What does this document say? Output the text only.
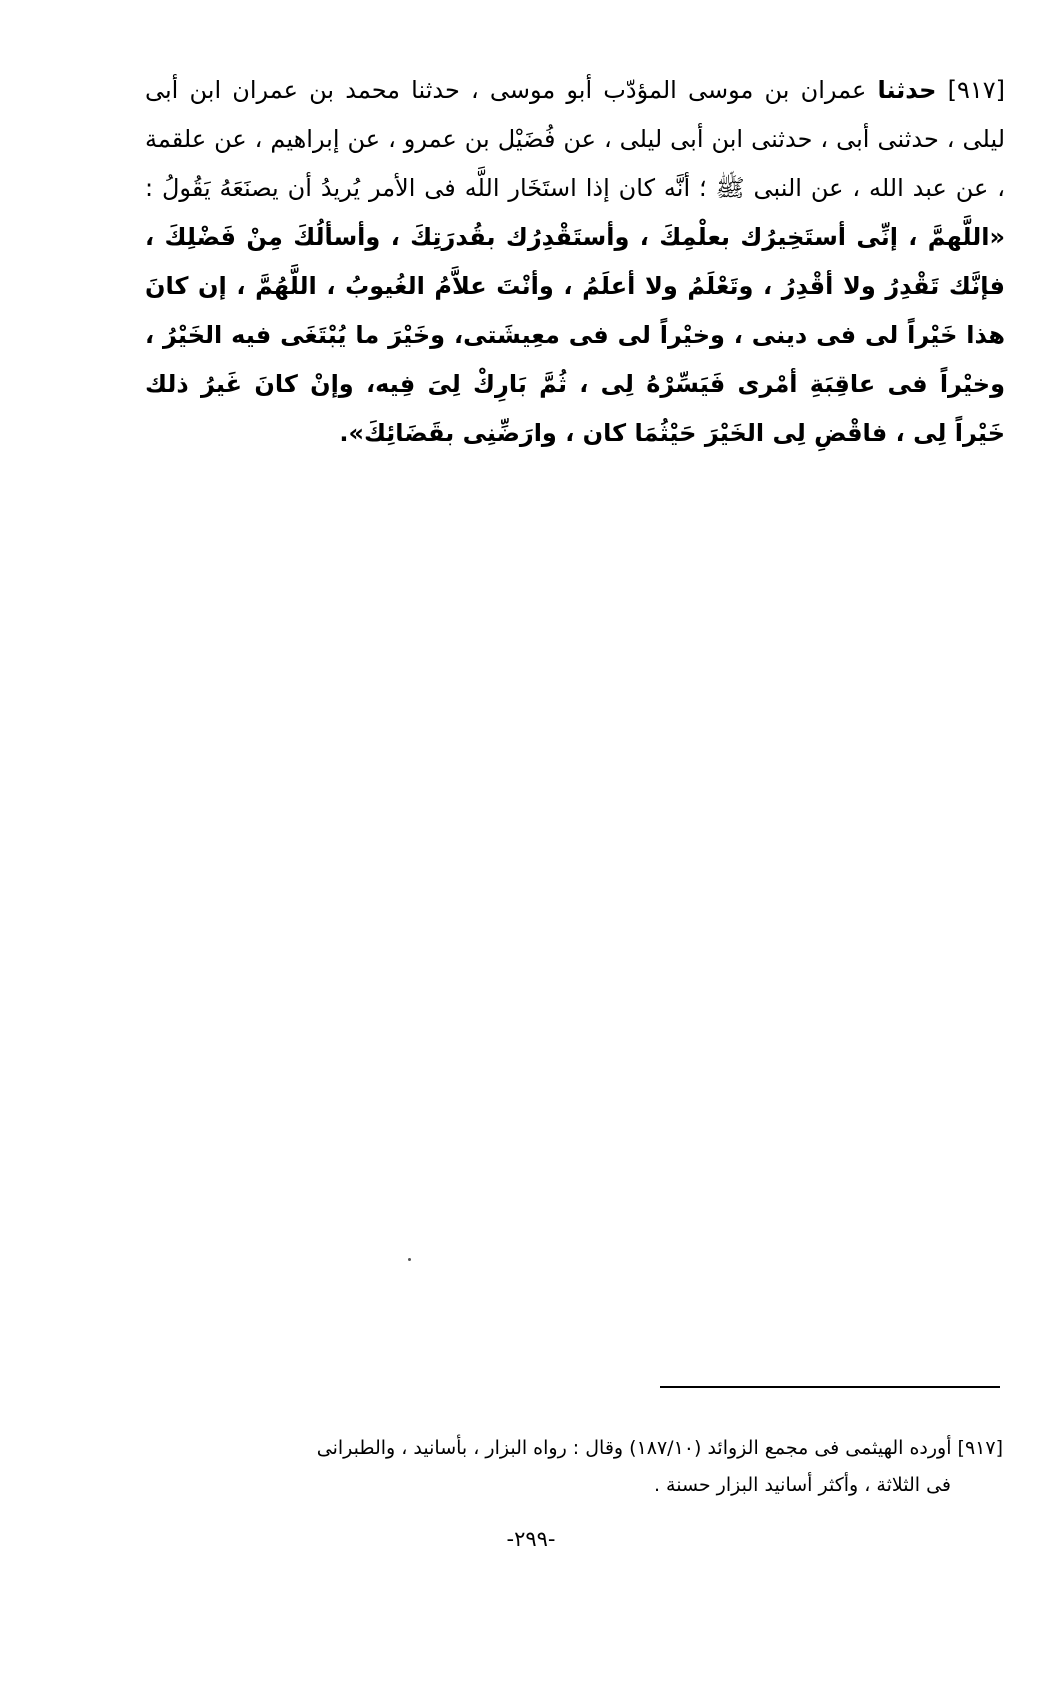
[٩١٧] حدثنا عمران بن موسى المؤدّب أبو موسى ، حدثنا محمد بن عمران ابن أبى ليلى ، حدثنى أبى ، حدثنى ابن أبى ليلى ، عن فُضَيْل بن عمرو ، عن إبراهيم ، عن علقمة ، عن عبد الله ، عن النبى ﷺ ؛ أنَّه كان إذا استَخَار اللَّه فى الأمر يُريدُ أن يصنَعَهُ يَقُولُ : «اللَّهمَّ ، إنِّى أستَخِيرُك بعلْمِكَ ، وأستَقْدِرُك بقُدرَتِكَ ، وأسألُكَ مِنْ فَضْلِكَ ، فإنَّك تَقْدِرُ ولا أقْدِرُ ، وتَعْلَمُ ولا أعلَمُ ، وأنْتَ علاَّمُ الغُيوبُ ، اللَّهُمَّ ، إن كانَ هذا خَيْراً لى فى دينى ، وخيْراً لى فى معِيشَتى، وخَيْرَ ما يُبْتَغَى فيه الخَيْرُ ، وخيْراً فى عاقِبَةِ أمْرى فَيَسِّرْهُ لِى ، ثُمَّ بَارِكْ لِىَ فِيه، وإنْ كانَ غَيرُ ذلك خَيْراً لِى ، فاقْضِ لِى الخَيْرَ حَيْثُمَا كان ، وارَضِّنِى بقَضَائِكَ».

[٩١٧] أورده الهيثمى فى مجمع الزوائد (١٨٧/١٠) وقال : رواه البزار ، بأسانيد ، والطبرانى
فى الثلاثة ، وأكثر أسانيد البزار حسنة .
-٢٩٩-
